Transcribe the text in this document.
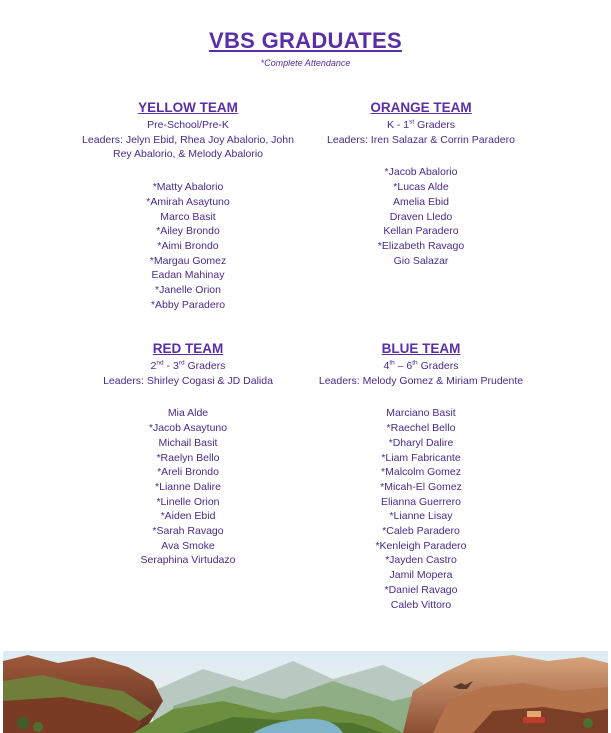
VBS GRADUATES
*Complete Attendance
YELLOW TEAM
Pre-School/Pre-K
Leaders: Jelyn Ebid, Rhea Joy Abalorio, John Rey Abalorio, & Melody Abalorio
*Matty Abalorio
*Amirah Asaytuno
Marco Basit
*Ailey Brondo
*Aimi Brondo
*Margau Gomez
Eadan Mahinay
*Janelle Orion
*Abby Paradero
ORANGE TEAM
K - 1st Graders
Leaders: Iren Salazar & Corrin Paradero
*Jacob Abalorio
*Lucas Alde
Amelia Ebid
Draven Lledo
Kellan Paradero
*Elizabeth Ravago
Gio Salazar
RED TEAM
2nd - 3rd Graders
Leaders: Shirley Cogasi & JD Dalida
Mia Alde
*Jacob Asaytuno
Michail Basit
*Raelyn Bello
*Areli Brondo
*Lianne Dalire
*Linelle Orion
*Aiden Ebid
*Sarah Ravago
Ava Smoke
Seraphina Virtudazo
BLUE TEAM
4th – 6th Graders
Leaders: Melody Gomez & Miriam Prudente
Marciano Basit
*Raechel Bello
*Dharyl Dalire
*Liam Fabricante
*Malcolm Gomez
*Micah-El Gomez
Elianna Guerrero
*Lianne Lisay
*Caleb Paradero
*Kenleigh Paradero
*Jayden Castro
Jamil Mopera
*Daniel Ravago
Caleb Vittoro
